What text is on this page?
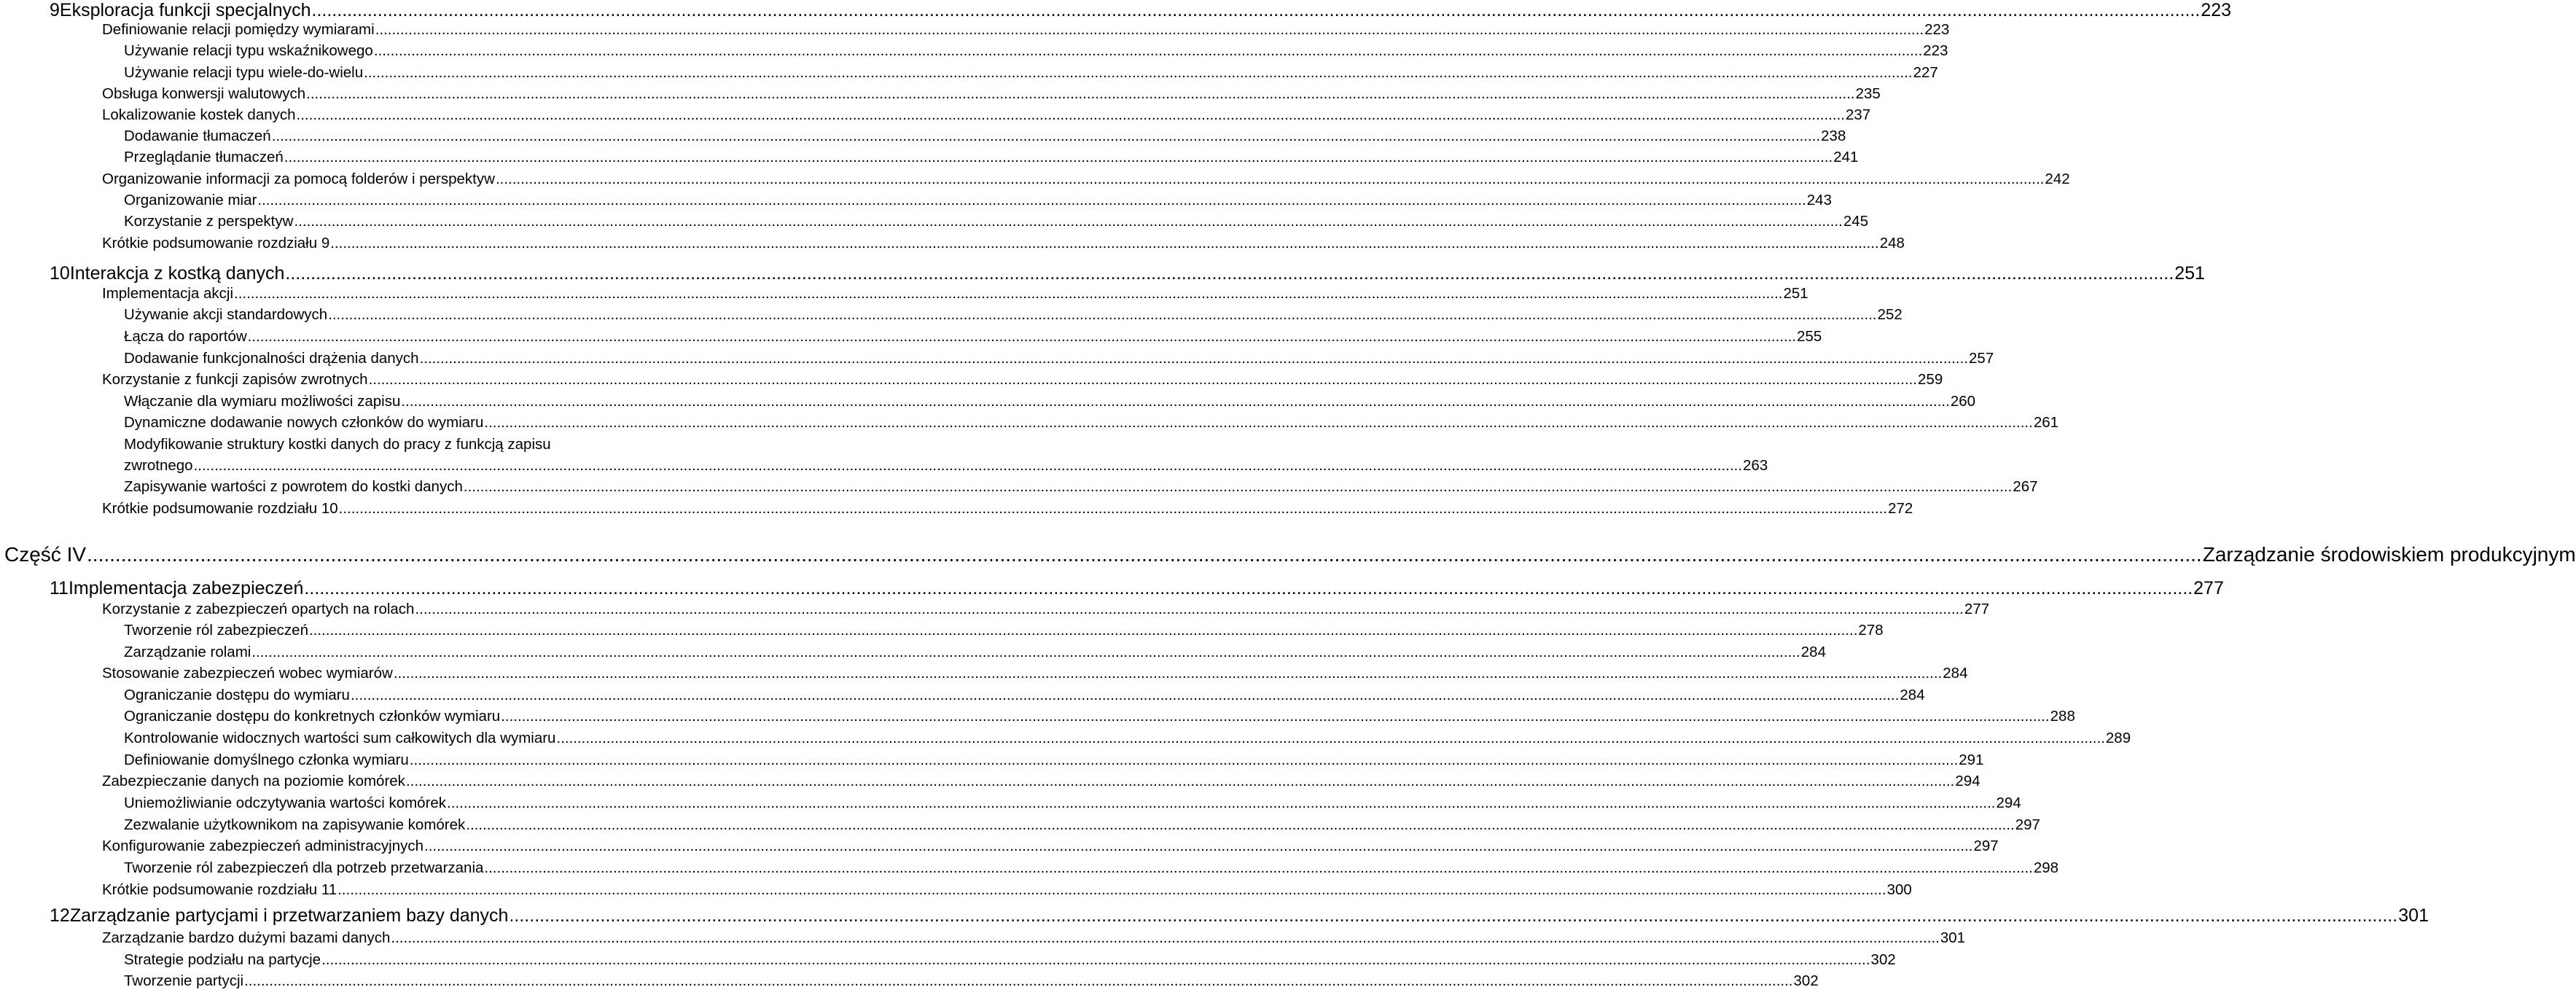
9 Eksploracja funkcji specjalnych .....	223
Definiowanie relacji pomiędzy wymiarami .....	223
Używanie relacji typu wskaźnikowego .....	223
Używanie relacji typu wiele-do-wielu .....	227
Obsługa konwersji walutowych .....	235
Lokalizowanie kostek danych .....	237
Dodawanie tłumaczeń .....	238
Przeglądanie tłumaczeń .....	241
Organizowanie informacji za pomocą folderów i perspektyw .....	242
Organizowanie miar .....	243
Korzystanie z perspektyw .....	245
Krótkie podsumowanie rozdziału 9 .....	248
10 Interakcja z kostką danych .....	251
Implementacja akcji .....	251
Używanie akcji standardowych .....	252
Łącza do raportów .....	255
Dodawanie funkcjonalności drążenia danych .....	257
Korzystanie z funkcji zapisów zwrotnych .....	259
Włączanie dla wymiaru możliwości zapisu .....	260
Dynamiczne dodawanie nowych członków do wymiaru .....	261
Modyfikowanie struktury kostki danych do pracy z funkcją zapisu
zwrotnego .....	263
Zapisywanie wartości z powrotem do kostki danych .....	267
Krótkie podsumowanie rozdziału 10 .....	272
Część IV .....	Zarządzanie środowiskiem produkcyjnym
11 Implementacja zabezpieczeń .....	277
Korzystanie z zabezpieczeń opartych na rolach .....	277
Tworzenie ról zabezpieczeń .....	278
Zarządzanie rolami .....	284
Stosowanie zabezpieczeń wobec wymiarów .....	284
Ograniczanie dostępu do wymiaru .....	284
Ograniczanie dostępu do konkretnych członków wymiaru .....	288
Kontrolowanie widocznych wartości sum całkowitych dla wymiaru .....	289
Definiowanie domyślnego członka wymiaru .....	291
Zabezpieczanie danych na poziomie komórek .....	294
Uniemożliwianie odczytywania wartości komórek .....	294
Zezwalanie użytkownikom na zapisywanie komórek .....	297
Konfigurowanie zabezpieczeń administracyjnych .....	297
Tworzenie ról zabezpieczeń dla potrzeb przetwarzania .....	298
Krótkie podsumowanie rozdziału 11 .....	300
12 Zarządzanie partycjami i przetwarzaniem bazy danych .....	301
Zarządzanie bardzo dużymi bazami danych .....	301
Strategie podziału na partycje .....	302
Tworzenie partycji .....	302
